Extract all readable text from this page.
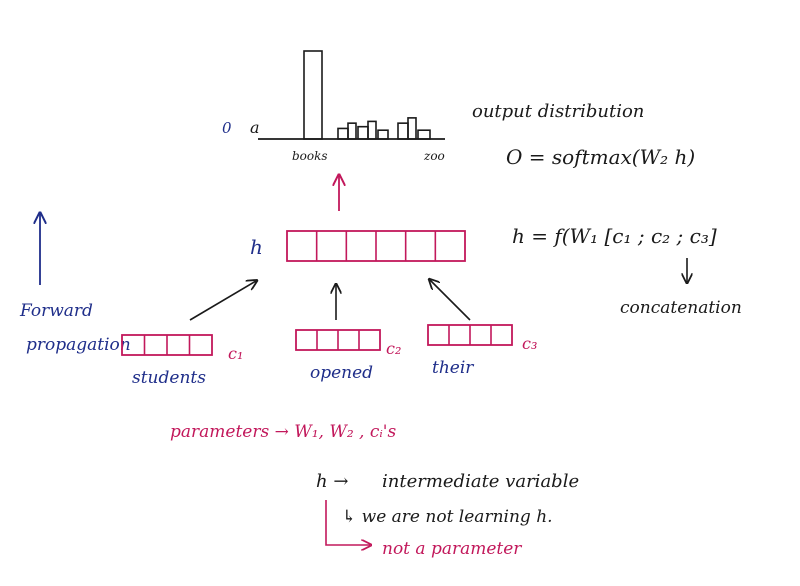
0 a
books	zoo
output distribution
O = softmax(W₂ h)
h	h = f(W₁ [c₁ ; c₂ ; c₃]
concatenation
Forward
propagation	c₁
students
c₂
opened
c₃
their
parameters → W₁, W₂ , cᵢ's
h → intermediate variable
↳ we are not learning h.
not a parameter
